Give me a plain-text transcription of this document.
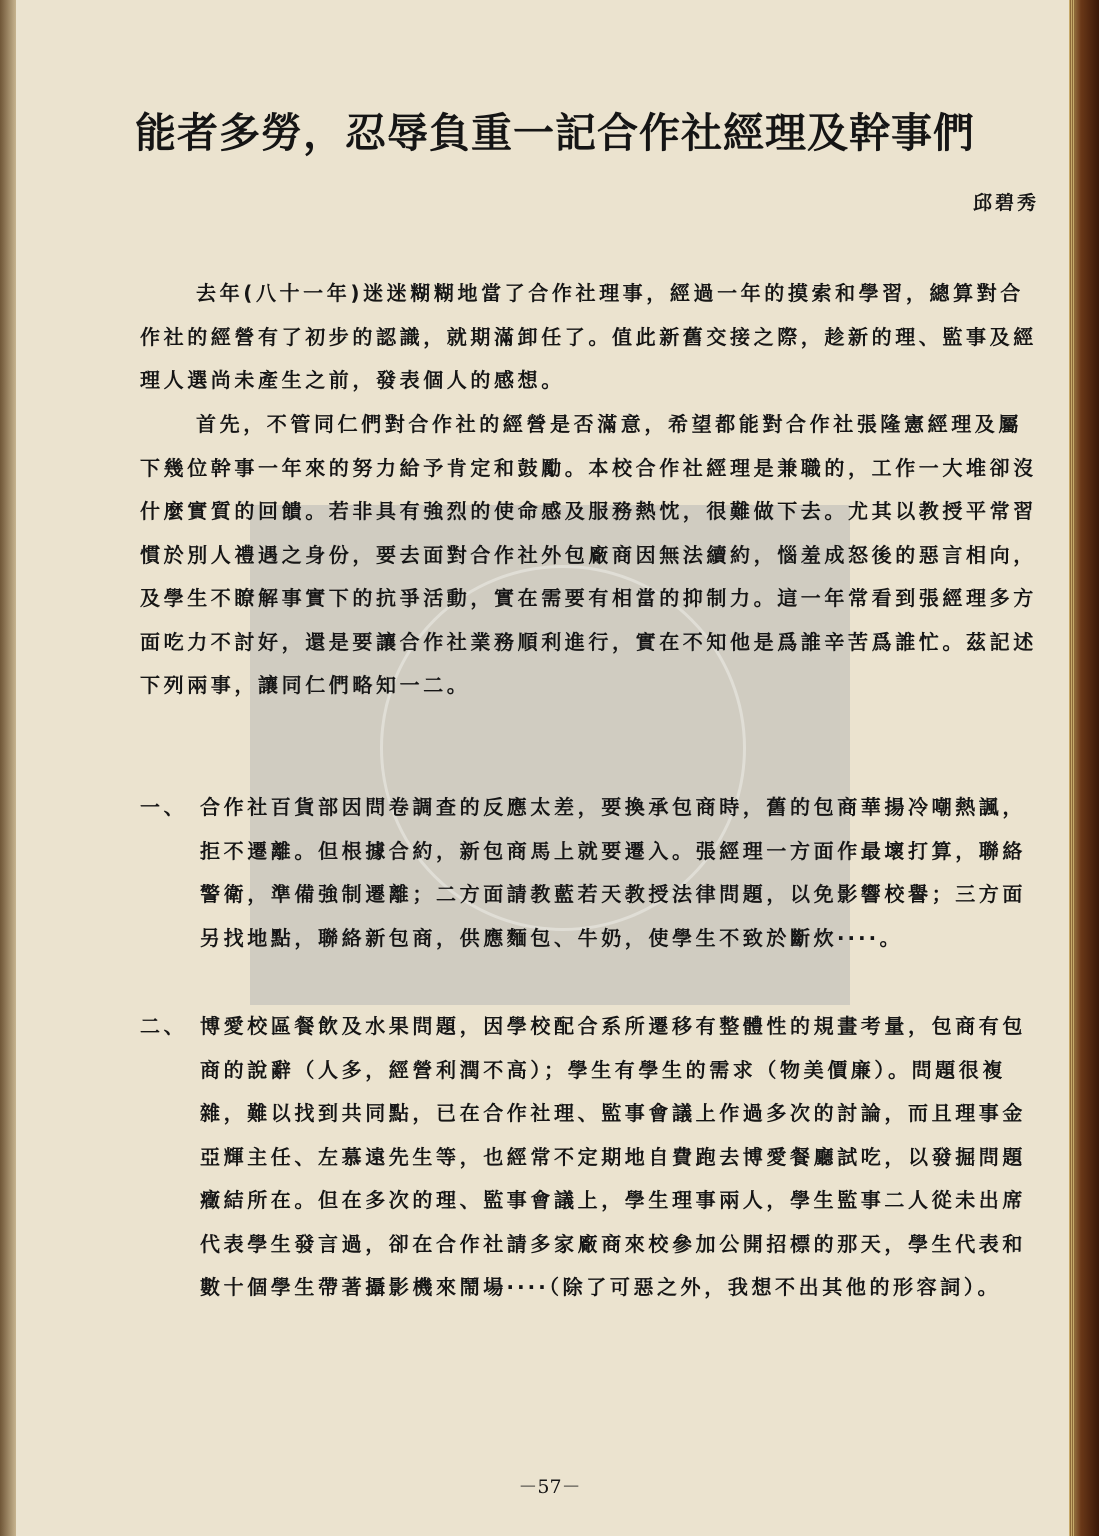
能者多勞，忍辱負重一記合作社經理及幹事們
邱碧秀

去年(八十一年)迷迷糊糊地當了合作社理事，經過一年的摸索和學習，總算對合作社的經營有了初步的認識，就期滿卸任了。值此新舊交接之際，趁新的理、監事及經理人選尚未產生之前，發表個人的感想。

首先，不管同仁們對合作社的經營是否滿意，希望都能對合作社張隆憲經理及屬下幾位幹事一年來的努力給予肯定和鼓勵。本校合作社經理是兼職的，工作一大堆卻沒什麼實質的回饋。若非具有強烈的使命感及服務熱忱，很難做下去。尤其以教授平常習慣於別人禮遇之身份，要去面對合作社外包廠商因無法續約，惱羞成怒後的惡言相向，及學生不瞭解事實下的抗爭活動，實在需要有相當的抑制力。這一年常看到張經理多方面吃力不討好，還是要讓合作社業務順利進行，實在不知他是爲誰辛苦爲誰忙。茲記述下列兩事，讓同仁們略知一二。

一、 合作社百貨部因問卷調查的反應太差，要換承包商時，舊的包商華揚冷嘲熱諷，拒不遷離。但根據合約，新包商馬上就要遷入。張經理一方面作最壞打算，聯絡警衛，準備強制遷離；二方面請教藍若天教授法律問題，以免影響校譽；三方面另找地點，聯絡新包商，供應麵包、牛奶，使學生不致於斷炊‧‧‧‧。
二、 博愛校區餐飲及水果問題，因學校配合系所遷移有整體性的規畫考量，包商有包商的說辭（人多，經營利潤不高）；學生有學生的需求（物美價廉）。問題很複雜，難以找到共同點，已在合作社理、監事會議上作過多次的討論，而且理事金亞輝主任、左慕遠先生等，也經常不定期地自費跑去博愛餐廳試吃，以發掘問題癥結所在。但在多次的理、監事會議上，學生理事兩人，學生監事二人從未出席代表學生發言過，卻在合作社請多家廠商來校參加公開招標的那天，學生代表和數十個學生帶著攝影機來鬧場‧‧‧‧（除了可惡之外，我想不出其他的形容詞）。
－57－
